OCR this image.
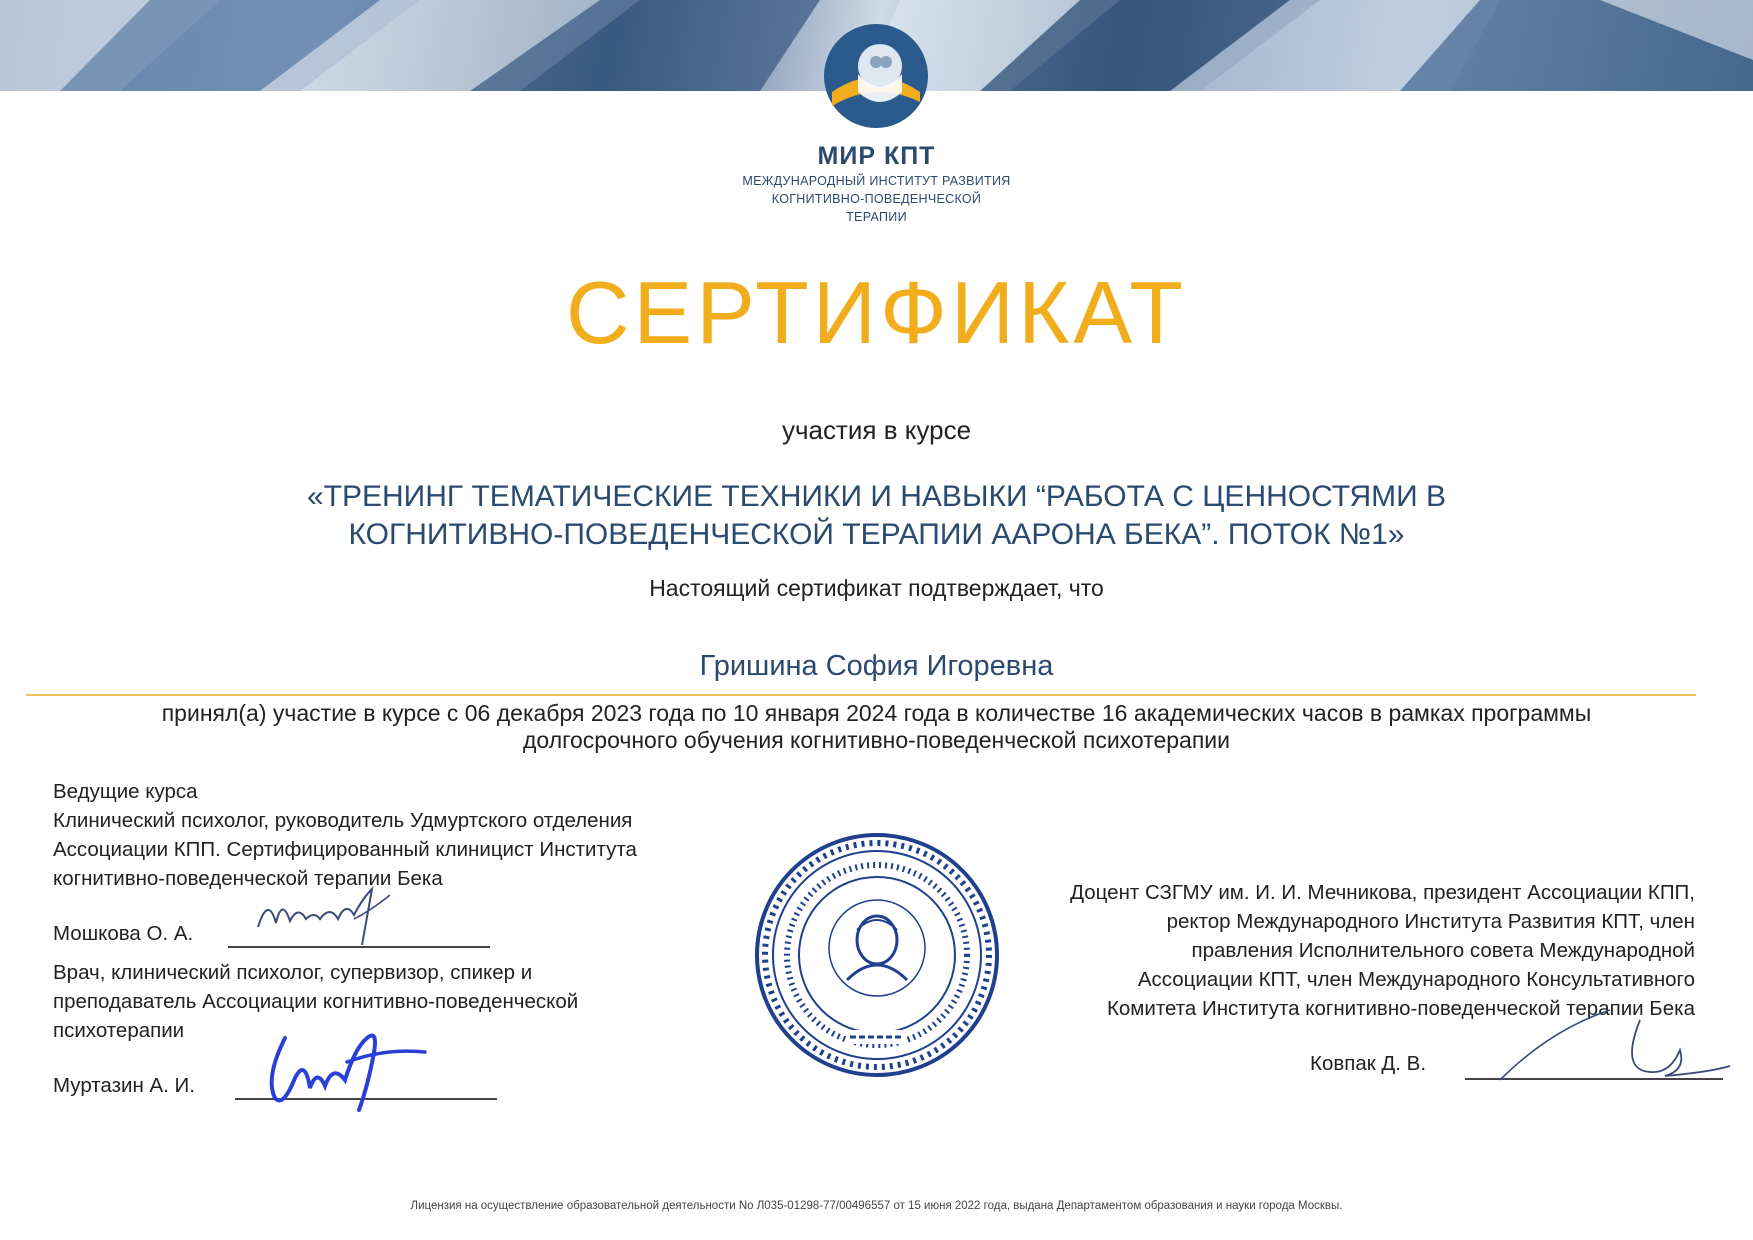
МИР КПТ
МЕЖДУНАРОДНЫЙ ИНСТИТУТ РАЗВИТИЯ
КОГНИТИВНО-ПОВЕДЕНЧЕСКОЙ
ТЕРАПИИ
СЕРТИФИКАТ
участия в курсе
«ТРЕНИНГ ТЕМАТИЧЕСКИЕ ТЕХНИКИ И НАВЫКИ “РАБОТА С ЦЕННОСТЯМИ В
КОГНИТИВНО-ПОВЕДЕНЧЕСКОЙ ТЕРАПИИ ААРОНА БЕКА”. ПОТОК №1»
Настоящий сертификат подтверждает, что
Гришина София Игоревна
принял(а) участие в курсе с 06 декабря 2023 года по 10 января 2024 года в количестве 16 академических часов в рамках программы
долгосрочного обучения когнитивно-поведенческой психотерапии
Ведущие курса
Клинический психолог, руководитель Удмуртского отделения
Ассоциации КПП. Сертифицированный клиницист Института
когнитивно-поведенческой терапии Бека
Мошкова О. А.
Врач, клинический психолог, супервизор, спикер и
преподаватель Ассоциации когнитивно-поведенческой
психотерапии
Муртазин А. И.
Доцент СЗГМУ им. И. И. Мечникова, президент Ассоциации КПП,
ректор Международного Института Развития КПТ, член
правления Исполнительного совета Международной
Ассоциации КПТ, член Международного Консультативного
Комитета Института когнитивно-поведенческой терапии Бека
Ковпак Д. В.
Лицензия на осуществление образовательной деятельности No Л035-01298-77/00496557 от 15 июня 2022 года, выдана Департаментом образования и науки города Москвы.
